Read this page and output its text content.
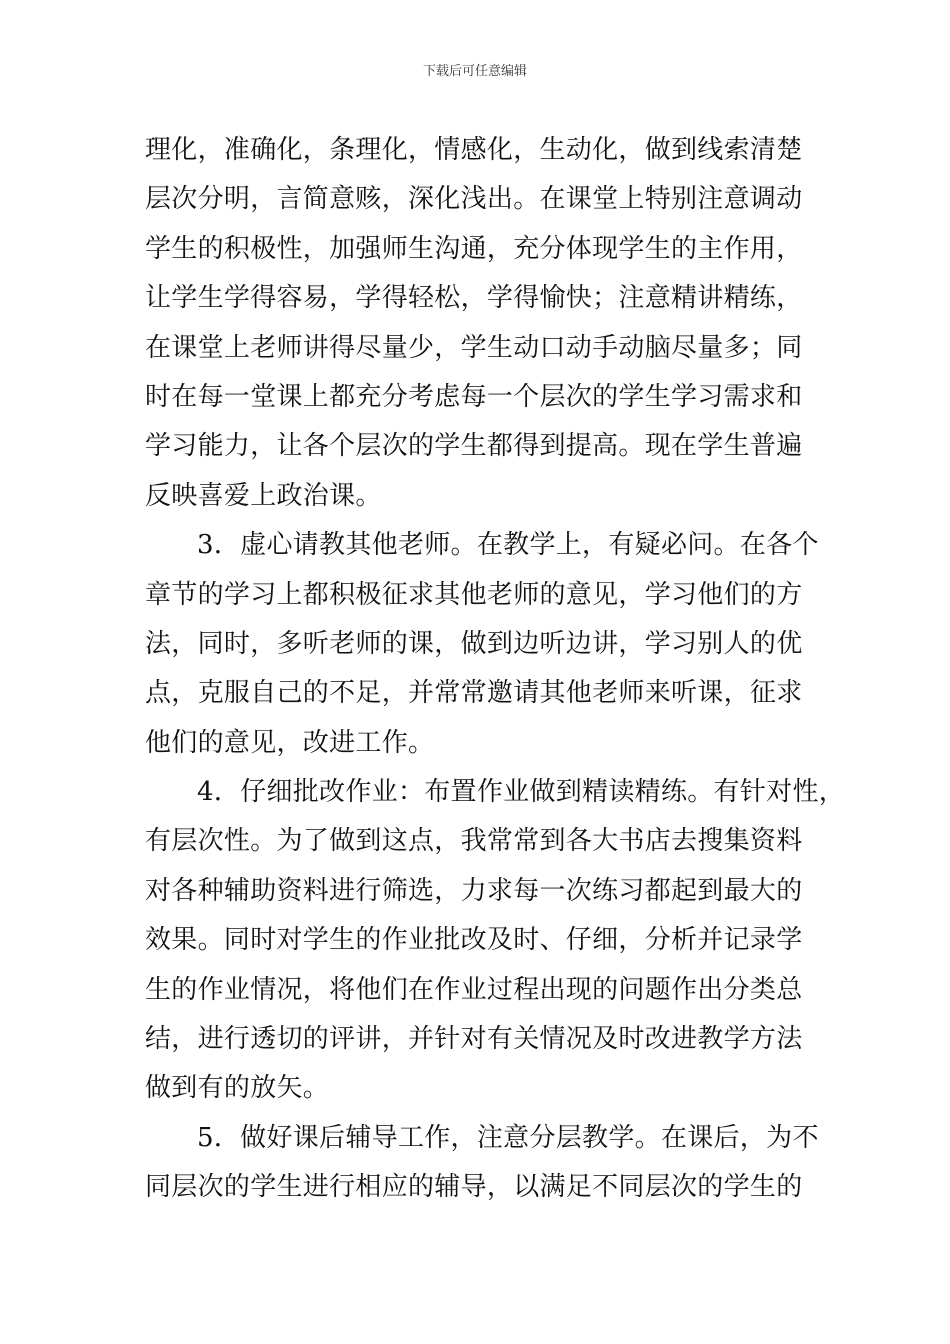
下载后可任意编辑
理化，准确化，条理化，情感化，生动化，做到线索清楚
层次分明，言简意赅，深化浅出。在课堂上特别注意调动
学生的积极性，加强师生沟通，充分体现学生的主作用，
让学生学得容易，学得轻松，学得愉快；注意精讲精练，
在课堂上老师讲得尽量少，学生动口动手动脑尽量多；同
时在每一堂课上都充分考虑每一个层次的学生学习需求和
学习能力，让各个层次的学生都得到提高。现在学生普遍
反映喜爱上政治课。
3．虚心请教其他老师。在教学上，有疑必问。在各个
章节的学习上都积极征求其他老师的意见，学习他们的方
法，同时，多听老师的课，做到边听边讲，学习别人的优
点，克服自己的不足，并常常邀请其他老师来听课，征求
他们的意见，改进工作。
4．仔细批改作业：布置作业做到精读精练。有针对性，
有层次性。为了做到这点，我常常到各大书店去搜集资料
对各种辅助资料进行筛选，力求每一次练习都起到最大的
效果。同时对学生的作业批改及时、仔细，分析并记录学
生的作业情况，将他们在作业过程出现的问题作出分类总
结，进行透切的评讲，并针对有关情况及时改进教学方法
做到有的放矢。
5．做好课后辅导工作，注意分层教学。在课后，为不
同层次的学生进行相应的辅导，以满足不同层次的学生的
